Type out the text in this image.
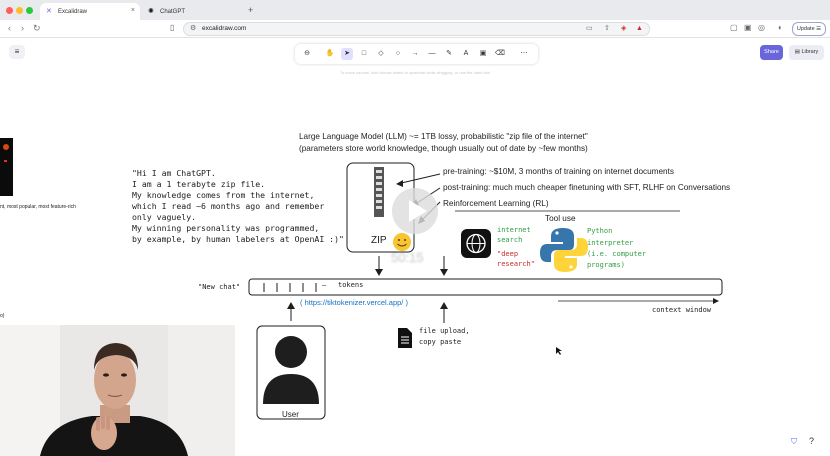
✕ Excalidraw	× ✺ ChatGPT	+
‹ › ↻	▯ ⚙ excalidraw.com	▭ ⇧ ◈ ▲	▢ ▣ ◎ ◐	Update ☰
≡	⊖	✋	➤	□	◇	○	→	—	✎	A	▣	⌫	⋯
To move canvas, hold mouse wheel or spacebar while dragging, or use the hand tool
Share	▤ Library
Large Language Model (LLM) ~= 1TB lossy, probabilistic "zip file of the internet"
(parameters store world knowledge, though usually out of date by ~few months)
"Hi I am ChatGPT.
I am a 1 terabyte zip file.
My knowledge comes from the internet,
which I read ~6 months ago and remember
only vaguely.
My winning personality was programmed,
by example, by human labelers at OpenAI :)"	ZIP
pre-training: ~$10M, 3 months of training on internet documents
post-training: much much cheaper finetuning with SFT, RLHF on Conversations
Reinforcement Learning (RL)
Tool use
internet
search
"deep
research"
Python
interpreter
(i.e. computer
programs)
"New chat"	— tokens
( https://tiktokenizer.vercel.app/ )
context window
file upload,
copy paste
User
nt, most popular, most feature-rich
o)
⛉ ?
50:15
